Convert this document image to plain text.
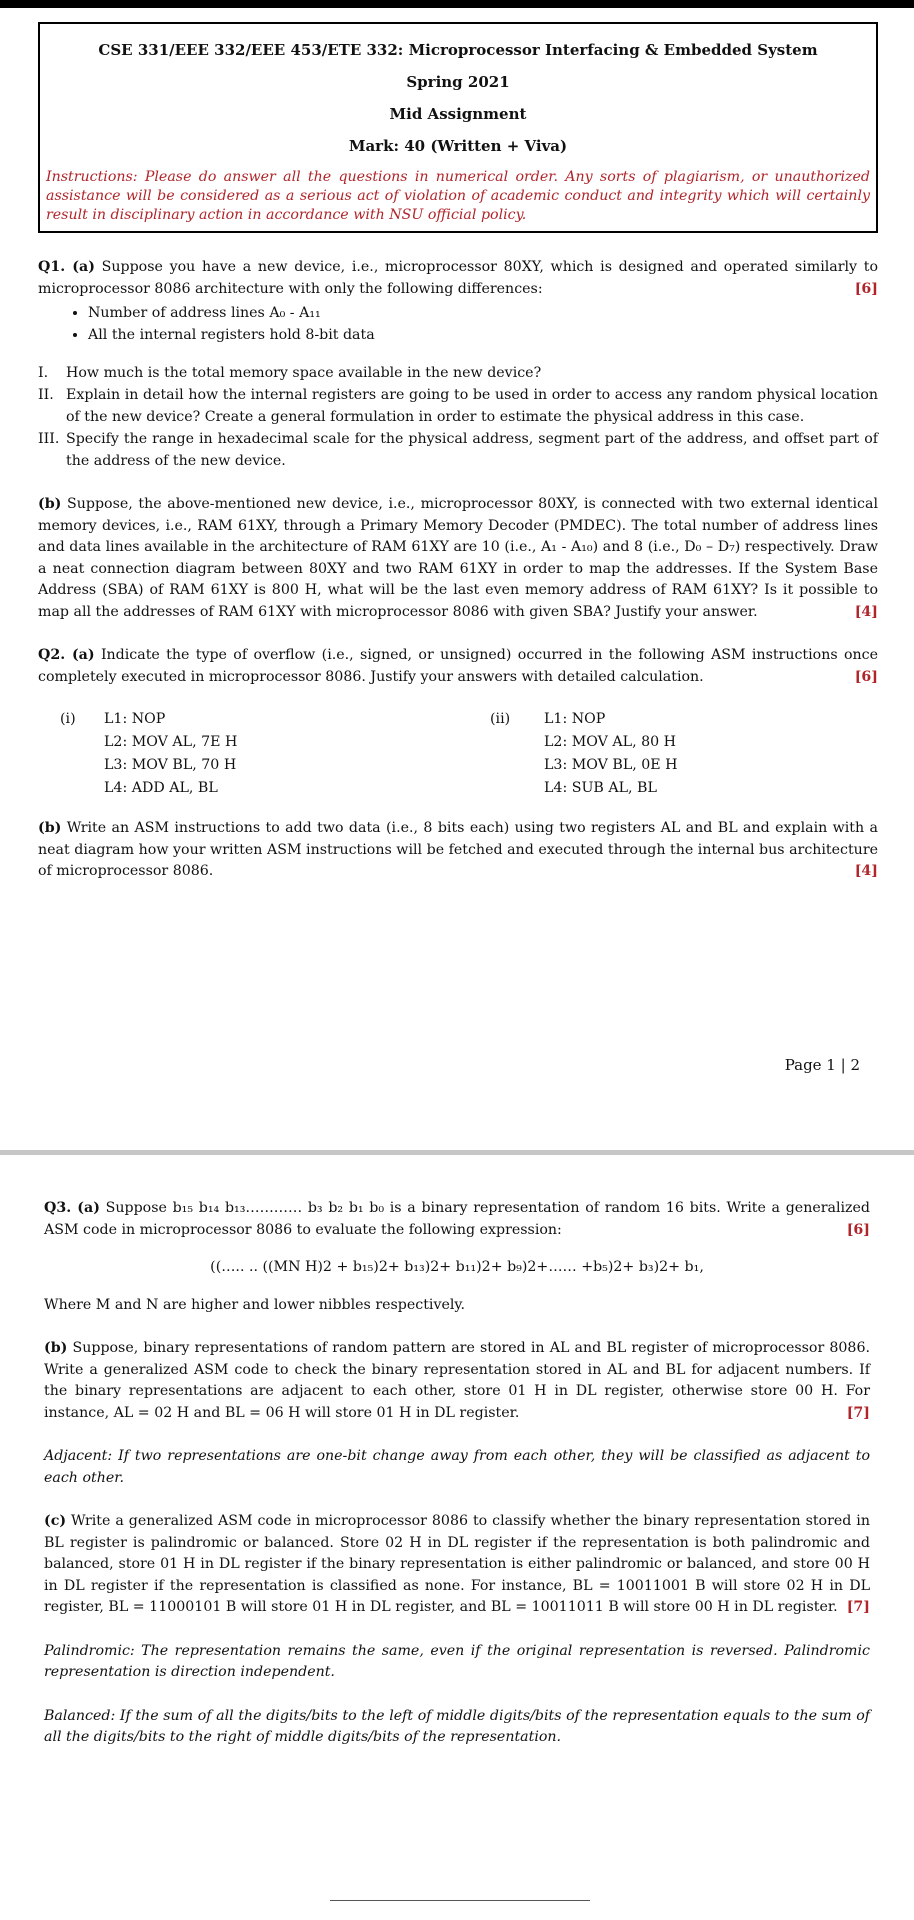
CSE 331/EEE 332/EEE 453/ETE 332: Microprocessor Interfacing & Embedded System
Spring 2021
Mid Assignment
Mark: 40 (Written + Viva)
Instructions: Please do answer all the questions in numerical order. Any sorts of plagiarism, or unauthorized assistance will be considered as a serious act of violation of academic conduct and integrity which will certainly result in disciplinary action in accordance with NSU official policy.
Q1. (a) Suppose you have a new device, i.e., microprocessor 80XY, which is designed and operated similarly to microprocessor 8086 architecture with only the following differences:	[6]
• Number of address lines A₀ - A₁₁
• All the internal registers hold 8-bit data
I.	How much is the total memory space available in the new device?
II. Explain in detail how the internal registers are going to be used in order to access any random physical location of the new device? Create a general formulation in order to estimate the physical address in this case.
III. Specify the range in hexadecimal scale for the physical address, segment part of the address, and offset part of the address of the new device.
(b) Suppose, the above-mentioned new device, i.e., microprocessor 80XY, is connected with two external identical memory devices, i.e., RAM 61XY, through a Primary Memory Decoder (PMDEC). The total number of address lines and data lines available in the architecture of RAM 61XY are 10 (i.e., A₁ - A₁₀) and 8 (i.e., D₀ – D₇) respectively. Draw a neat connection diagram between 80XY and two RAM 61XY in order to map the addresses. If the System Base Address (SBA) of RAM 61XY is 800 H, what will be the last even memory address of RAM 61XY? Is it possible to map all the addresses of RAM 61XY with microprocessor 8086 with given SBA? Justify your answer.	[4]
Q2. (a) Indicate the type of overflow (i.e., signed, or unsigned) occurred in the following ASM instructions once completely executed in microprocessor 8086. Justify your answers with detailed calculation.	[6]
(i) L1: NOP
L2: MOV AL, 7E H
L3: MOV BL, 70 H
L4: ADD AL, BL
(ii) L1: NOP
L2: MOV AL, 80 H
L3: MOV BL, 0E H
L4: SUB AL, BL
(b) Write an ASM instructions to add two data (i.e., 8 bits each) using two registers AL and BL and explain with a neat diagram how your written ASM instructions will be fetched and executed through the internal bus architecture of microprocessor 8086.	[4]
Page 1 | 2
Q3. (a) Suppose b₁₅ b₁₄ b₁₃………… b₃ b₂ b₁ b₀ is a binary representation of random 16 bits. Write a generalized ASM code in microprocessor 8086 to evaluate the following expression:	[6]
((….. .. ((MN H)2 + b₁₅)2+ b₁₃)2+ b₁₁)2+ b₉)2+…… +b₅)2+ b₃)2+ b₁,
Where M and N are higher and lower nibbles respectively.
(b) Suppose, binary representations of random pattern are stored in AL and BL register of microprocessor 8086. Write a generalized ASM code to check the binary representation stored in AL and BL for adjacent numbers. If the binary representations are adjacent to each other, store 01 H in DL register, otherwise store 00 H. For instance, AL = 02 H and BL = 06 H will store 01 H in DL register.	[7]
Adjacent: If two representations are one-bit change away from each other, they will be classified as adjacent to each other.
(c) Write a generalized ASM code in microprocessor 8086 to classify whether the binary representation stored in BL register is palindromic or balanced. Store 02 H in DL register if the representation is both palindromic and balanced, store 01 H in DL register if the binary representation is either palindromic or balanced, and store 00 H in DL register if the representation is classified as none. For instance, BL = 10011001 B will store 02 H in DL register, BL = 11000101 B will store 01 H in DL register, and BL = 10011011 B will store 00 H in DL register. [7]
Palindromic: The representation remains the same, even if the original representation is reversed. Palindromic representation is direction independent.
Balanced: If the sum of all the digits/bits to the left of middle digits/bits of the representation equals to the sum of all the digits/bits to the right of middle digits/bits of the representation.
